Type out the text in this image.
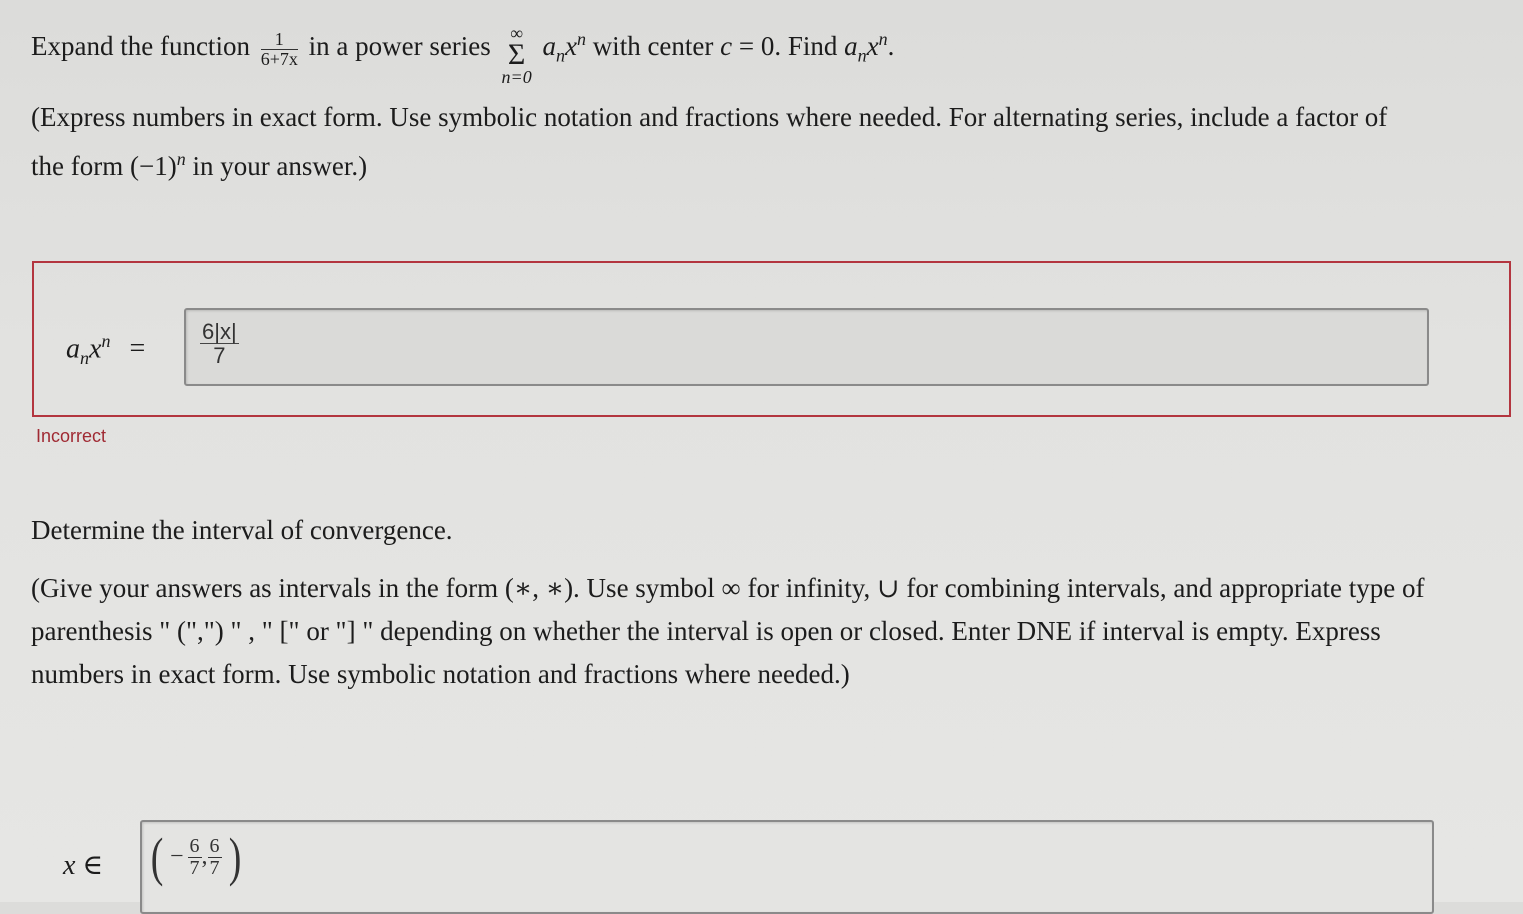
Expand the function $\frac{1}{6+7x}$ in a power series	∞
Σ
n=0
$a_nx^n$ with center c = 0. Find $a_nx^n$.
(Express numbers in exact form. Use symbolic notation and fractions where needed. For alternating series, include a factor of
the form $(-1)^n$ in your answer.)
$a_nx^n = \frac{6|x|}{7}$
Incorrect
Determine the interval of convergence.
(Give your answers as intervals in the form (∗, ∗). Use symbol ∞ for infinity, ∪ for combining intervals, and appropriate type of
parenthesis " (",") " , " [" or "] " depending on whether the interval is open or closed. Enter DNE if interval is empty. Express
numbers in exact form. Use symbolic notation and fractions where needed.)
x ∈ ( − $\frac{6}{7}$ , $\frac{6}{7}$ )
